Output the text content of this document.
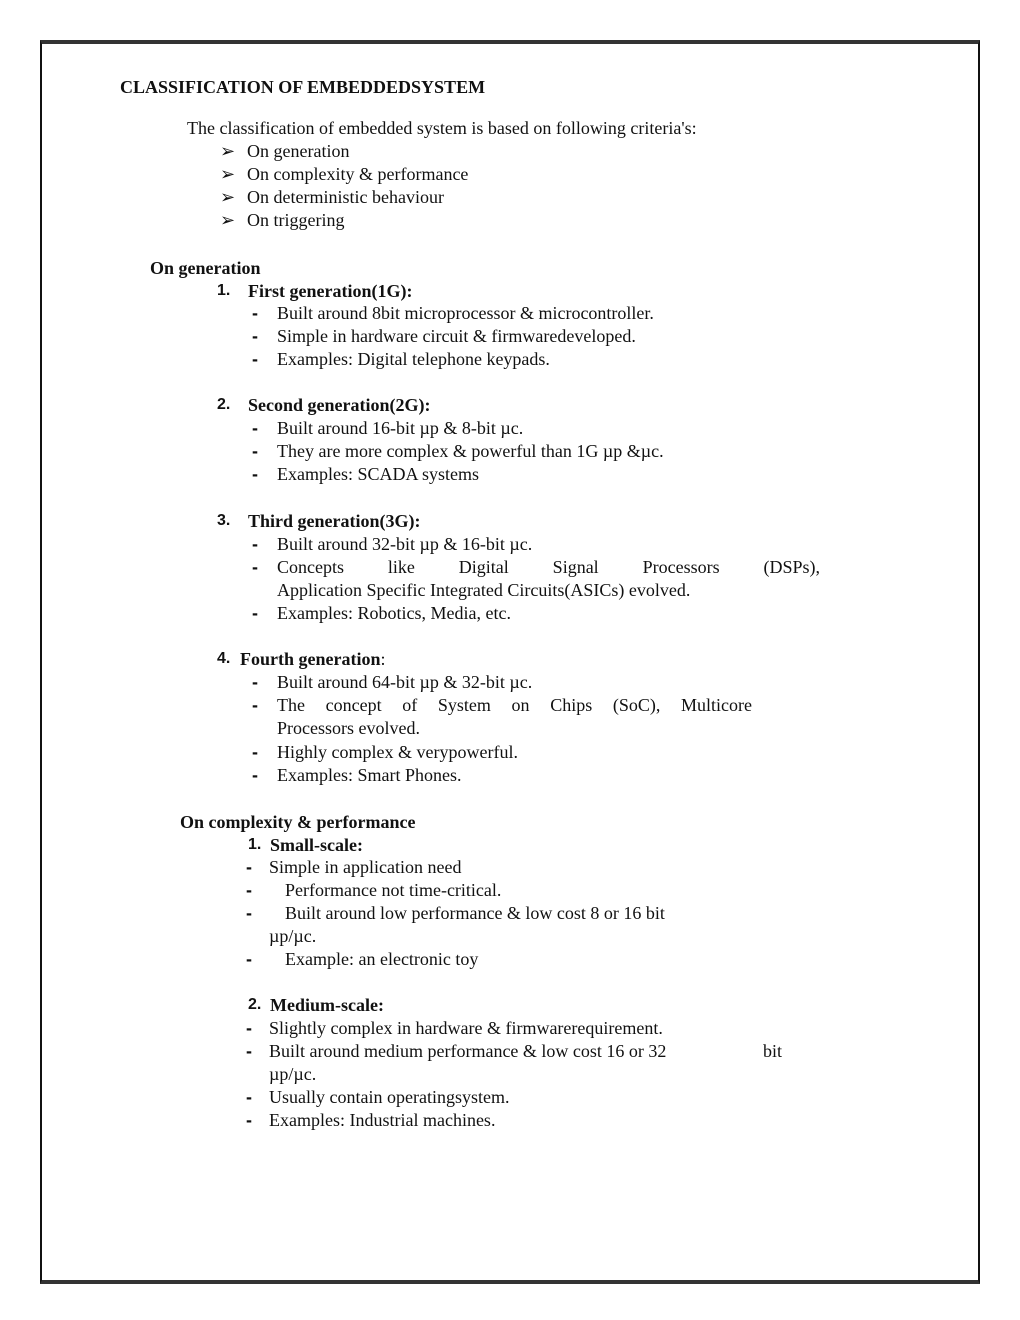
CLASSIFICATION OF EMBEDDEDSYSTEM
The classification of embedded system is based on following criteria's:
➢ On generation
➢ On complexity & performance
➢ On deterministic behaviour
➢ On triggering
On generation
1. First generation(1G):
- Built around 8bit microprocessor & microcontroller.
- Simple in hardware circuit & firmwaredeveloped.
- Examples: Digital telephone keypads.
2. Second generation(2G):
- Built around 16-bit µp & 8-bit µc.
- They are more complex & powerful than 1G µp &µc.
- Examples: SCADA systems
3. Third generation(3G):
- Built around 32-bit µp & 16-bit µc.
- Concepts like Digital Signal Processors (DSPs),
Application Specific Integrated Circuits(ASICs) evolved.
- Examples: Robotics, Media, etc.
4. Fourth generation:
- Built around 64-bit µp & 32-bit µc.
- The concept of System on Chips (SoC), Multicore
Processors evolved.
- Highly complex & verypowerful.
- Examples: Smart Phones.
On complexity & performance
1. Small-scale:
- Simple in application need
- Performance not time-critical.
- Built around low performance & low cost 8 or 16 bit
µp/µc.
- Example: an electronic toy
2. Medium-scale:
- Slightly complex in hardware & firmwarerequirement.
- Built around medium performance & low cost 16 or 32	bit
µp/µc.
- Usually contain operatingsystem.
- Examples: Industrial machines.
